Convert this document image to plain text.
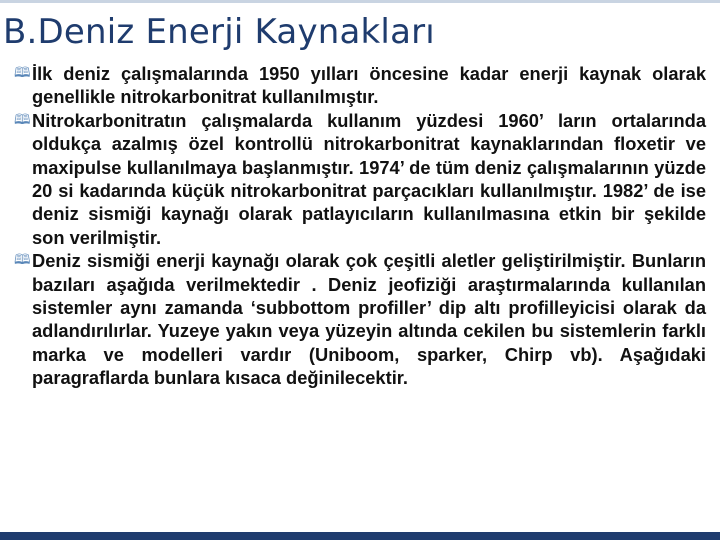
B.Deniz Enerji Kaynakları
🕮 İlk deniz çalışmalarında 1950 yılları öncesine kadar enerji kaynak olarak genellikle nitrokarbonitrat kullanılmıştır.
🕮 Nitrokarbonitratın çalışmalarda kullanım yüzdesi 1960’ ların ortalarında oldukça azalmış özel kontrollü nitrokarbonitrat kaynaklarından floxetir ve maxipulse kullanılmaya başlanmıştır. 1974’ de tüm deniz çalışmalarının yüzde 20 si kadarında küçük nitrokarbonitrat parçacıkları kullanılmıştır. 1982’ de ise deniz sismiği kaynağı olarak patlayıcıların kullanılmasına etkin bir şekilde son verilmiştir.
🕮 Deniz sismiği enerji kaynağı olarak çok çeşitli aletler geliştirilmiştir. Bunların bazıları aşağıda verilmektedir . Deniz jeofiziği araştırmalarında kullanılan sistemler aynı zamanda ‘subbottom profiller’ dip altı profilleyicisi olarak da adlandırılırlar. Yuzeye yakın veya yüzeyin altında cekilen bu sistemlerin farklı marka ve modelleri vardır (Uniboom, sparker, Chirp vb). Aşağıdaki paragraflarda bunlara kısaca değinilecektir.
